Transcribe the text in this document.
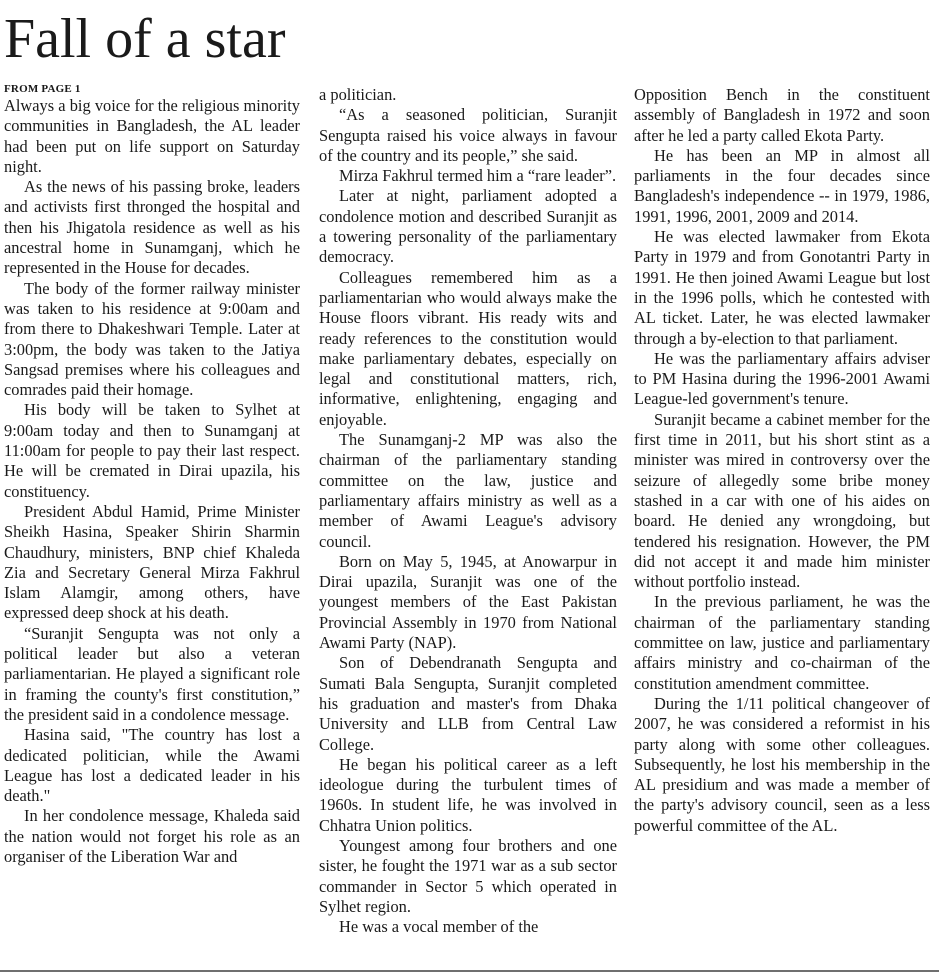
Fall of a star
FROM PAGE 1

Always a big voice for the religious minority communities in Bangladesh, the AL leader had been put on life support on Saturday night.

As the news of his passing broke, leaders and activists first thronged the hospital and then his Jhigatola residence as well as his ancestral home in Sunamganj, which he represented in the House for decades.

The body of the former railway minister was taken to his residence at 9:00am and from there to Dhakeshwari Temple. Later at 3:00pm, the body was taken to the Jatiya Sangsad premises where his colleagues and comrades paid their homage.

His body will be taken to Sylhet at 9:00am today and then to Sunamganj at 11:00am for people to pay their last respect. He will be cremated in Dirai upazila, his constituency.

President Abdul Hamid, Prime Minister Sheikh Hasina, Speaker Shirin Sharmin Chaudhury, ministers, BNP chief Khaleda Zia and Secretary General Mirza Fakhrul Islam Alamgir, among others, have expressed deep shock at his death.

“Suranjit Sengupta was not only a political leader but also a veteran parliamentarian. He played a significant role in framing the county's first constitution,” the president said in a condolence message.

Hasina said, "The country has lost a dedicated politician, while the Awami League has lost a dedicated leader in his death."

In her condolence message, Khaleda said the nation would not forget his role as an organiser of the Liberation War and

a politician.

“As a seasoned politician, Suranjit Sengupta raised his voice always in favour of the country and its people,” she said.

Mirza Fakhrul termed him a “rare leader”.

Later at night, parliament adopted a condolence motion and described Suranjit as a towering personality of the parliamentary democracy.

Colleagues remembered him as a parliamentarian who would always make the House floors vibrant. His ready wits and ready references to the constitution would make parliamentary debates, especially on legal and constitutional matters, rich, informative, enlightening, engaging and enjoyable.

The Sunamganj-2 MP was also the chairman of the parliamentary standing committee on the law, justice and parliamentary affairs ministry as well as a member of Awami League's advisory council.

Born on May 5, 1945, at Anowarpur in Dirai upazila, Suranjit was one of the youngest members of the East Pakistan Provincial Assembly in 1970 from National Awami Party (NAP).

Son of Debendranath Sengupta and Sumati Bala Sengupta, Suranjit completed his graduation and master's from Dhaka University and LLB from Central Law College.

He began his political career as a left ideologue during the turbulent times of 1960s. In student life, he was involved in Chhatra Union politics.

Youngest among four brothers and one sister, he fought the 1971 war as a sub sector commander in Sector 5 which operated in Sylhet region.

He was a vocal member of the

Opposition Bench in the constituent assembly of Bangladesh in 1972 and soon after he led a party called Ekota Party.

He has been an MP in almost all parliaments in the four decades since Bangladesh's independence -- in 1979, 1986, 1991, 1996, 2001, 2009 and 2014.

He was elected lawmaker from Ekota Party in 1979 and from Gonotantri Party in 1991. He then joined Awami League but lost in the 1996 polls, which he contested with AL ticket. Later, he was elected lawmaker through a by-election to that parliament.

He was the parliamentary affairs adviser to PM Hasina during the 1996-2001 Awami League-led government's tenure.

Suranjit became a cabinet member for the first time in 2011, but his short stint as a minister was mired in controversy over the seizure of allegedly some bribe money stashed in a car with one of his aides on board. He denied any wrongdoing, but tendered his resignation. However, the PM did not accept it and made him minister without portfolio instead.

In the previous parliament, he was the chairman of the parliamentary standing committee on law, justice and parliamentary affairs ministry and co-chairman of the constitution amendment committee.

During the 1/11 political changeover of 2007, he was considered a reformist in his party along with some other colleagues. Subsequently, he lost his membership in the AL presidium and was made a member of the party's advisory council, seen as a less powerful committee of the AL.
